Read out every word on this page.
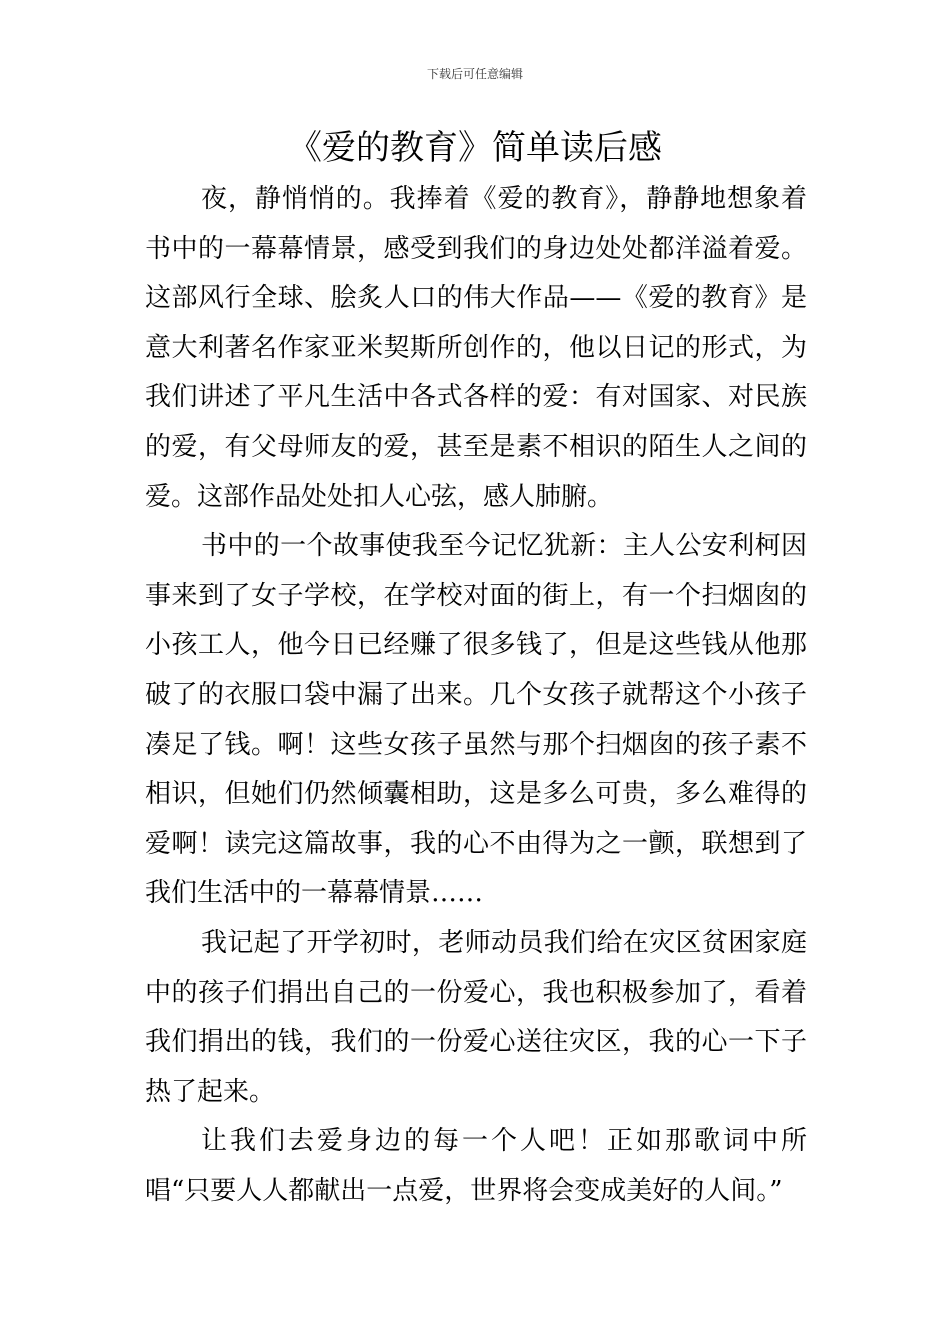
下载后可任意编辑
《爱的教育》简单读后感

夜，静悄悄的。我捧着《爱的教育》，静静地想象着书中的一幕幕情景，感受到我们的身边处处都洋溢着爱。这部风行全球、脍炙人口的伟大作品——《爱的教育》是意大利著名作家亚米契斯所创作的，他以日记的形式，为我们讲述了平凡生活中各式各样的爱：有对国家、对民族的爱，有父母师友的爱，甚至是素不相识的陌生人之间的爱。这部作品处处扣人心弦，感人肺腑。

书中的一个故事使我至今记忆犹新：主人公安利柯因事来到了女子学校，在学校对面的街上，有一个扫烟囱的小孩工人，他今日已经赚了很多钱了，但是这些钱从他那破了的衣服口袋中漏了出来。几个女孩子就帮这个小孩子凑足了钱。啊！这些女孩子虽然与那个扫烟囱的孩子素不相识，但她们仍然倾囊相助，这是多么可贵，多么难得的爱啊！读完这篇故事，我的心不由得为之一颤，联想到了我们生活中的一幕幕情景……

我记起了开学初时，老师动员我们给在灾区贫困家庭中的孩子们捐出自己的一份爱心，我也积极参加了，看着我们捐出的钱，我们的一份爱心送往灾区，我的心一下子热了起来。

让我们去爱身边的每一个人吧！正如那歌词中所唱“只要人人都献出一点爱，世界将会变成美好的人间。”
